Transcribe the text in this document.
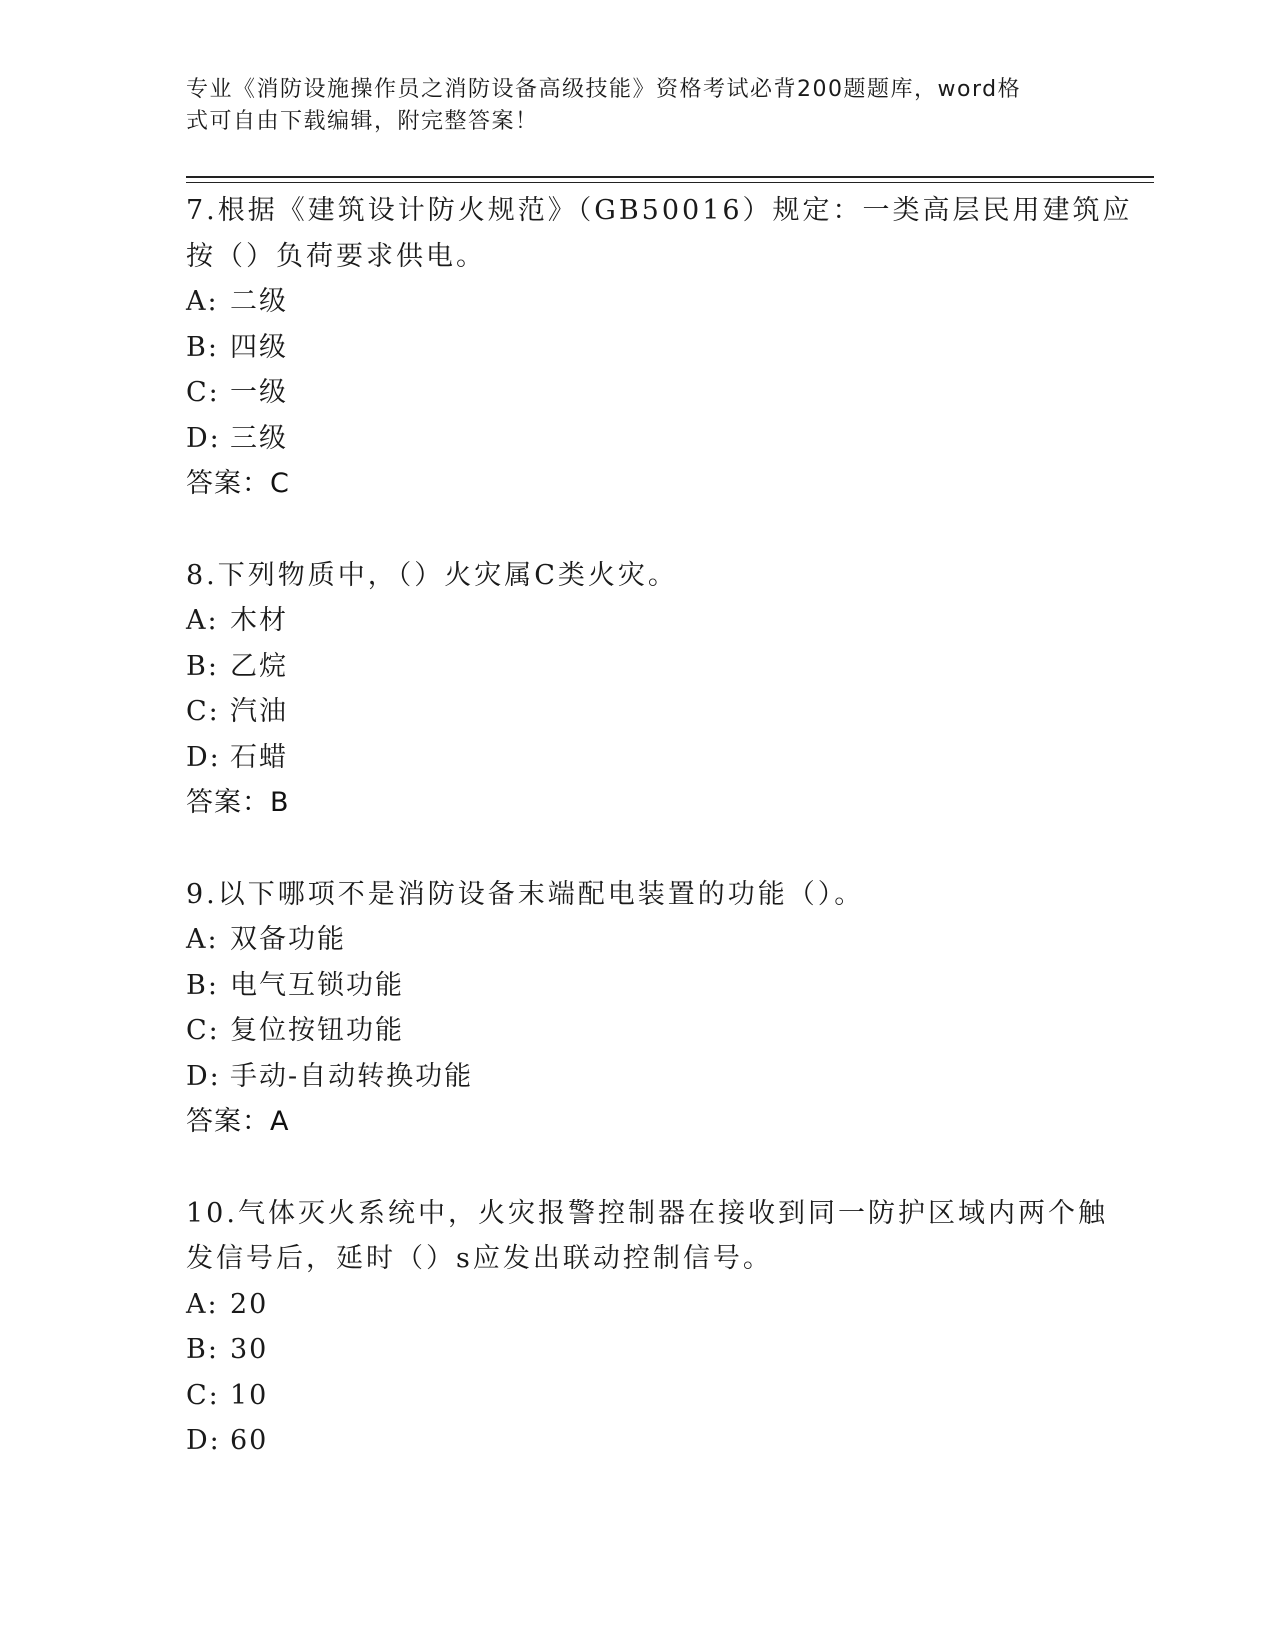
专业《消防设施操作员之消防设备高级技能》资格考试必背200题题库，word格
式可自由下载编辑，附完整答案！
7.根据《建筑设计防火规范》（GB50016）规定：一类高层民用建筑应
按（）负荷要求供电。
A: 二级
B: 四级
C: 一级
D: 三级
答案：C
8.下列物质中，（）火灾属C类火灾。
A: 木材
B: 乙烷
C: 汽油
D: 石蜡
答案：B
9.以下哪项不是消防设备末端配电装置的功能（）。
A: 双备功能
B: 电气互锁功能
C: 复位按钮功能
D: 手动-自动转换功能
答案：A
10.气体灭火系统中，火灾报警控制器在接收到同一防护区域内两个触
发信号后，延时（）s应发出联动控制信号。
A: 20
B: 30
C: 10
D: 60
